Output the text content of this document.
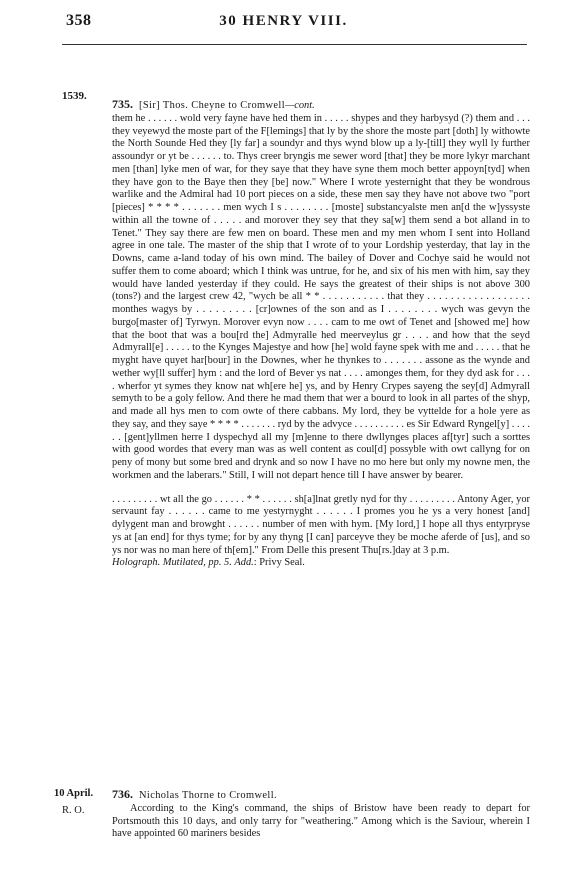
358	30 HENRY VIII.
1539.

735. [Sir] Thos. Cheyne to Cromwell—cont.

them he . . . . . . wold very fayne have hed them in . . . . . shypes and they harbysyd (?) them and . . . they veyewyd the moste part of the F[lemings] that ly by the shore the moste part [doth] ly withowte the North Sounde Hed they [ly far] a soundyr and thys wynd blow up a ly-[till] they wyll ly further assoundyr or yt be . . . . . . to. Thys creer bryngis me sewer word [that] they be more lykyr marchant men [than] lyke men of war, for they saye that they have syne them moch better appoyn[tyd] when they have gon to the Baye then they [be] now." Where I wrote yesternight that they be wondrous warlike and the Admiral had 10 port pieces on a side, these men say they have not above two "port [pieces] * * * * . . . . . . . men wych I s . . . . . . . . [moste] substancyalste men an[d the w]yssyste within all the towne of . . . . . and morover they sey that they sa[w] them send a bot alland in to Tenet." They say there are few men on board. These men and my men whom I sent into Holland agree in one tale. The master of the ship that I wrote of to your Lordship yesterday, that lay in the Downs, came a-land today of his own mind. The bailey of Dover and Cochye said he would not suffer them to come aboard; which I think was untrue, for he, and six of his men with him, say they would have landed yesterday if they could. He says the greatest of their ships is not above 300 (tons?) and the largest crew 42, "wych be all * * . . . . . . . . . . . that they . . . . . . . . . . . . . . . . . . monthes wagys by . . . . . . . . . [cr]ownes of the son and as I . . . . . . . . wych was gevyn the burgo[master of] Tyrwyn. Morover evyn now . . . . cam to me owt of Tenet and [showed me] how that the boot that was a bou[rd the] Admyralle hed meerveylus gr . . . . and how that the seyd Admyrall[e] . . . . . to the Kynges Majestye and how [he] wold fayne spek with me and . . . . . that he myght have quyet har[bour] in the Downes, wher he thynkes to . . . . . . . assone as the wynde and wether wy[ll suffer] hym : and the lord of Bever ys nat . . . . amonges them, for they dyd ask for . . . . wherfor yt symes they know nat wh[ere he] ys, and by Henry Crypes sayeng the sey[d] Admyrall semyth to be a goly fellow. And there he mad them that wer a bourd to look in all partes of the shyp, and made all hys men to com owte of there cabbans. My lord, they be vyttelde for a hole yere as they say, and they saye * * * * . . . . . . . ryd by the advyce . . . . . . . . . . es Sir Edward Ryngel[y] . . . . . . [gent]yllmen herre I dyspechyd all my [m]enne to there dwllynges places af[tyr] such a sorttes with good wordes that every man was as well content as coul[d] possyble with owt callyng for on peny of mony but some bred and drynk and so now I have no mo here but only my nowne men, the workmen and the laberars." Still, I will not depart hence till I have answer by bearer.

. . . . . . . . . wt all the go . . . . . . * * . . . . . . sh[a]lnat gretly nyd for thy . . . . . . . . . Antony Ager, yor servaunt fay . . . . . . came to me yestyrnyght . . . . . . I promes you he ys a very honest [and] dylygent man and browght . . . . . . number of men with hym. [My lord,] I hope all thys entyrpryse ys at [an end] for thys tyme; for by any thyng [I can] parceyve they be moche aferde of [us], and so ys nor was no man here of th[em]." From Delle this present Thu[rs.]day at 3 p.m.

Holograph. Mutilated, pp. 5. Add.: Privy Seal.

10 April.
R. O.

736. Nicholas Thorne to Cromwell.

According to the King's command, the ships of Bristow have been ready to depart for Portsmouth this 10 days, and only tarry for "weathering." Among which is the Saviour, wherein I have appointed 60 mariners besides
